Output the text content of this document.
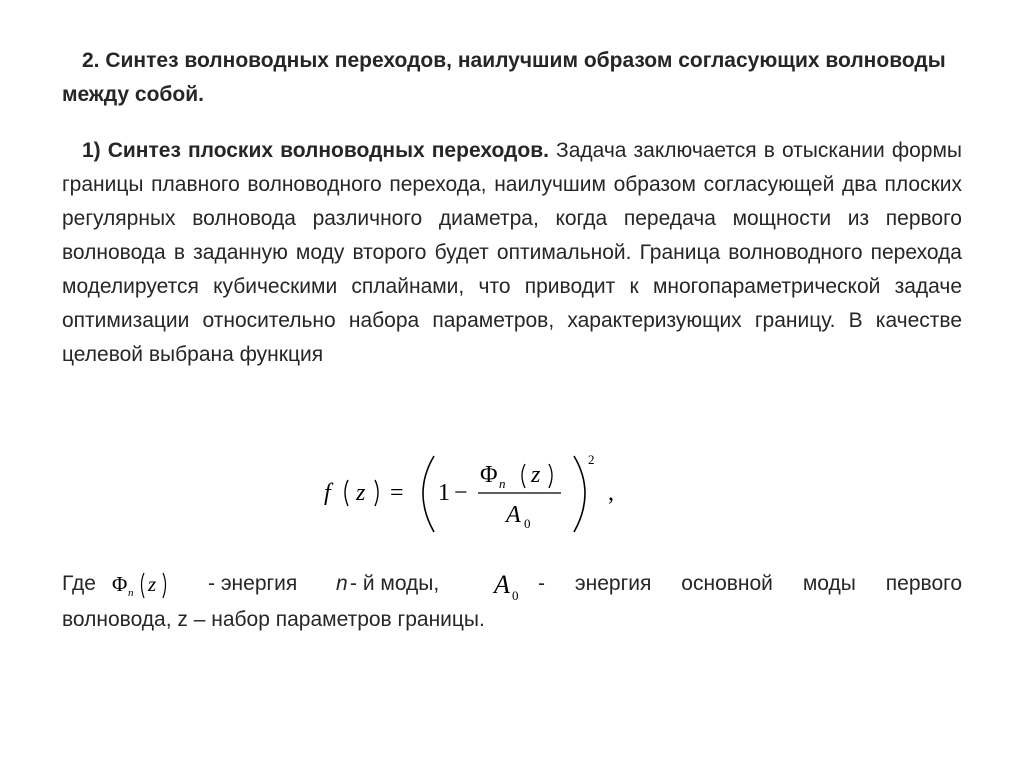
2. Синтез волноводных переходов, наилучшим образом согласующих волноводы между собой.

1) Синтез плоских волноводных переходов. Задача заключается в отыскании формы границы плавного волноводного перехода, наилучшим образом согласующей два плоских регулярных волновода различного диаметра, когда передача мощности из первого волновода в заданную моду второго будет оптимальной. Граница волноводного перехода моделируется кубическими сплайнами, что приводит к многопараметрической задаче оптимизации относительно набора параметров, характеризующих границу. В качестве целевой выбрана функция

f z = 1 −
Φ n z
A 0
2
,
Где Φ n z - энергия n - й моды, A 0
- энергия основной моды первого
волновода, z – набор параметров границы.
